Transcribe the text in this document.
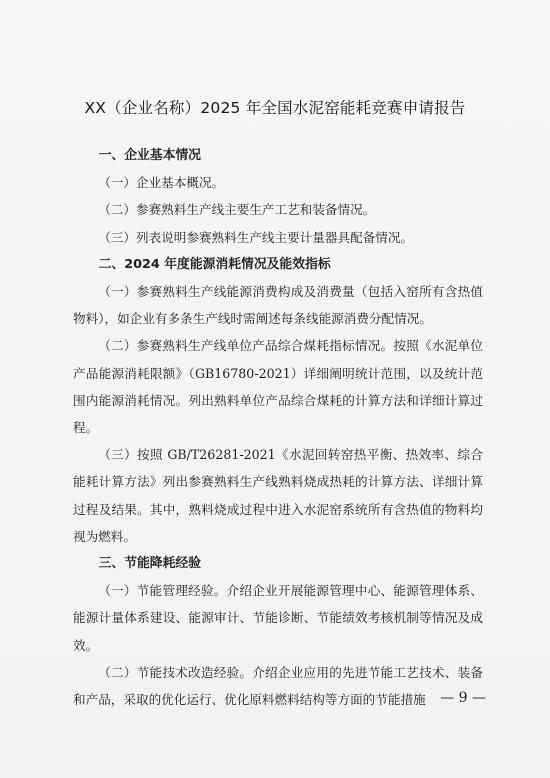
XX（企业名称）2025 年全国水泥窑能耗竞赛申请报告

一、企业基本情况

（一）企业基本概况。

（二）参赛熟料生产线主要生产工艺和装备情况。

（三）列表说明参赛熟料生产线主要计量器具配备情况。

二、2024 年度能源消耗情况及能效指标

（一）参赛熟料生产线能源消费构成及消费量（包括入窑所有含热值物料），如企业有多条生产线时需阐述每条线能源消费分配情况。

（二）参赛熟料生产线单位产品综合煤耗指标情况。按照《水泥单位产品能源消耗限额》（GB16780-2021）详细阐明统计范围，以及统计范围内能源消耗情况。列出熟料单位产品综合煤耗的计算方法和详细计算过程。

（三）按照 GB/T26281-2021《水泥回转窑热平衡、热效率、综合能耗计算方法》列出参赛熟料生产线熟料烧成热耗的计算方法、详细计算过程及结果。其中，熟料烧成过程中进入水泥窑系统所有含热值的物料均视为燃料。

三、节能降耗经验

（一）节能管理经验。介绍企业开展能源管理中心、能源管理体系、能源计量体系建设、能源审计、节能诊断、节能绩效考核机制等情况及成效。

（二）节能技术改造经验。介绍企业应用的先进节能工艺技术、装备和产品，采取的优化运行、优化原料燃料结构等方面的节能措施	— 9 —
